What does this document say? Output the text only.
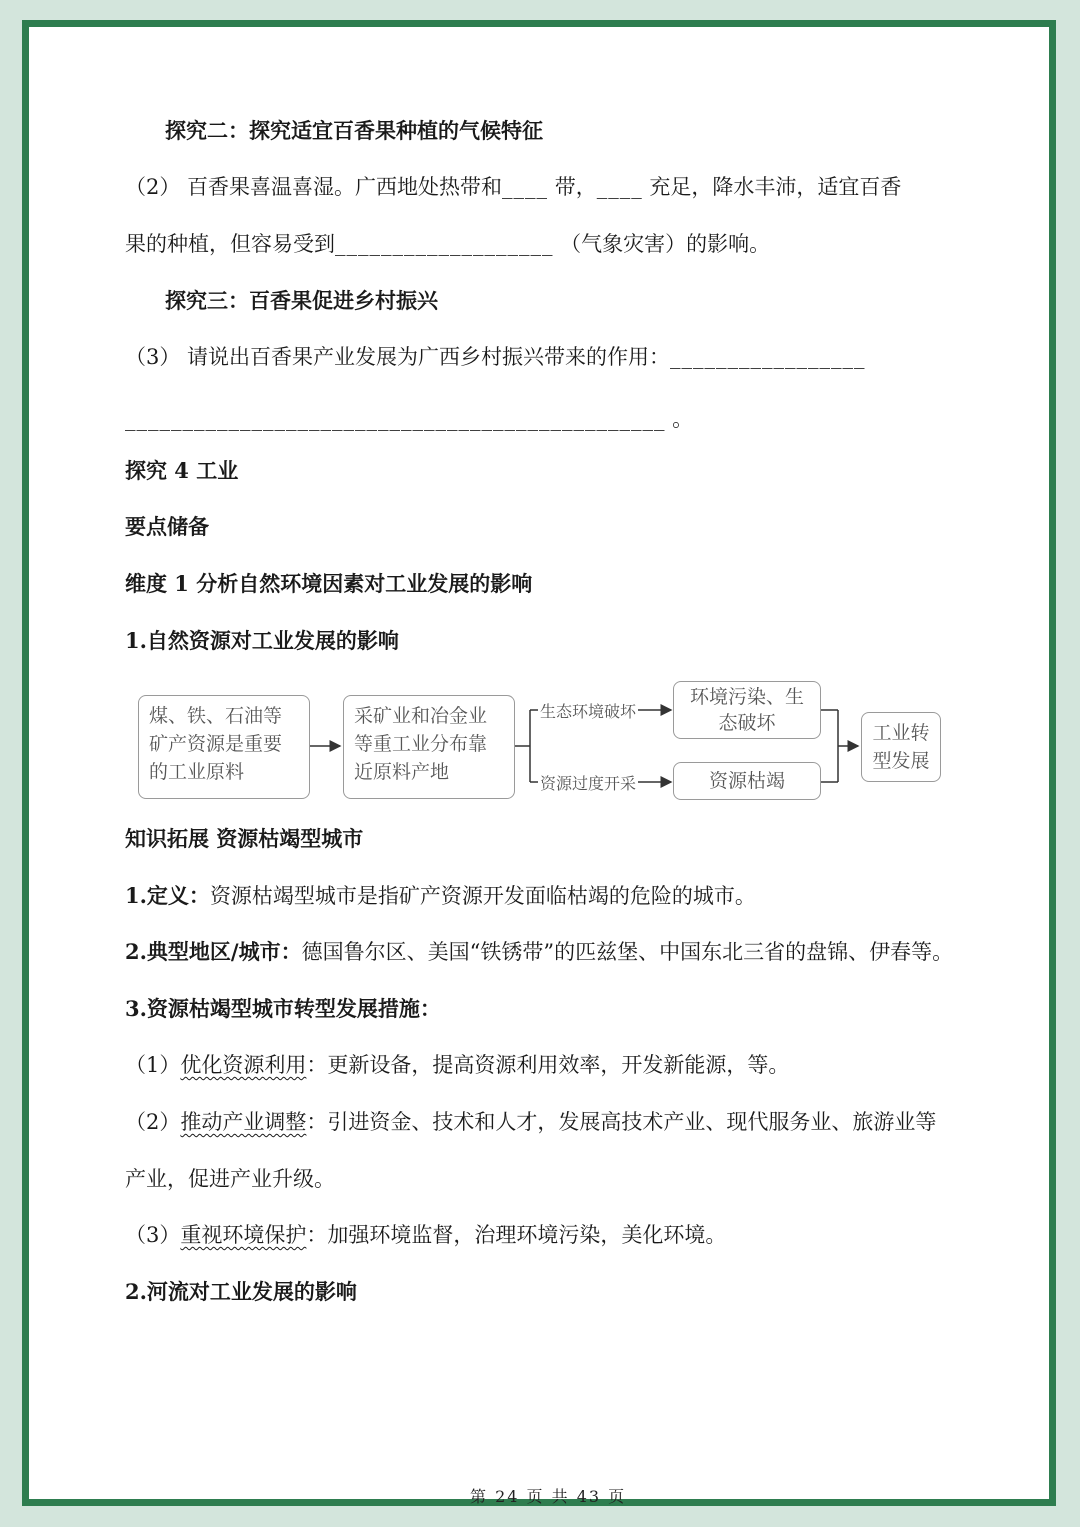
探究二：探究适宜百香果种植的气候特征
（2） 百香果喜温喜湿。广西地处热带和____ 带，____ 充足，降水丰沛，适宜百香
果的种植，但容易受到___________________ （气象灾害）的影响。
探究三：百香果促进乡村振兴
（3） 请说出百香果产业发展为广西乡村振兴带来的作用：_________________
_______________________________________________ 。
探究 4 工业
要点储备
维度 1 分析自然环境因素对工业发展的影响
1.自然资源对工业发展的影响
煤、铁、石油等矿产资源是重要的工业原料
采矿业和冶金业等重工业分布靠近原料产地
生态环境破坏
资源过度开采
环境污染、生态破坏
资源枯竭
工业转型发展
知识拓展 资源枯竭型城市
1.定义：资源枯竭型城市是指矿产资源开发面临枯竭的危险的城市。
2.典型地区/城市：德国鲁尔区、美国“铁锈带”的匹兹堡、中国东北三省的盘锦、伊春等。
3.资源枯竭型城市转型发展措施：
（1）优化资源利用：更新设备，提高资源利用效率，开发新能源，等。
（2）推动产业调整：引进资金、技术和人才，发展高技术产业、现代服务业、旅游业等
产业，促进产业升级。
（3）重视环境保护：加强环境监督，治理环境污染，美化环境。
2.河流对工业发展的影响
第 24 页 共 43 页
